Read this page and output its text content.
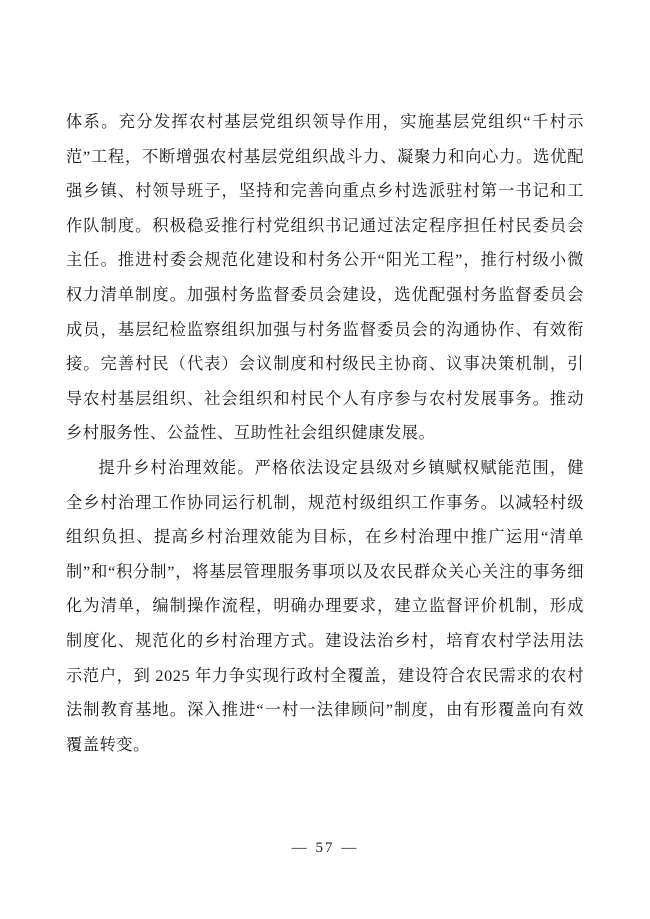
体系。充分发挥农村基层党组织领导作用，实施基层党组织“千村示范”工程，不断增强农村基层党组织战斗力、凝聚力和向心力。选优配强乡镇、村领导班子，坚持和完善向重点乡村选派驻村第一书记和工作队制度。积极稳妥推行村党组织书记通过法定程序担任村民委员会主任。推进村委会规范化建设和村务公开“阳光工程”，推行村级小微权力清单制度。加强村务监督委员会建设，选优配强村务监督委员会成员，基层纪检监察组织加强与村务监督委员会的沟通协作、有效衔接。完善村民（代表）会议制度和村级民主协商、议事决策机制，引导农村基层组织、社会组织和村民个人有序参与农村发展事务。推动乡村服务性、公益性、互助性社会组织健康发展。

提升乡村治理效能。严格依法设定县级对乡镇赋权赋能范围，健全乡村治理工作协同运行机制，规范村级组织工作事务。以减轻村级组织负担、提高乡村治理效能为目标，在乡村治理中推广运用“清单制”和“积分制”，将基层管理服务事项以及农民群众关心关注的事务细化为清单，编制操作流程，明确办理要求，建立监督评价机制，形成制度化、规范化的乡村治理方式。建设法治乡村，培育农村学法用法示范户，到 2025 年力争实现行政村全覆盖，建设符合农民需求的农村法制教育基地。深入推进“一村一法律顾问”制度，由有形覆盖向有效覆盖转变。

— 57 —
